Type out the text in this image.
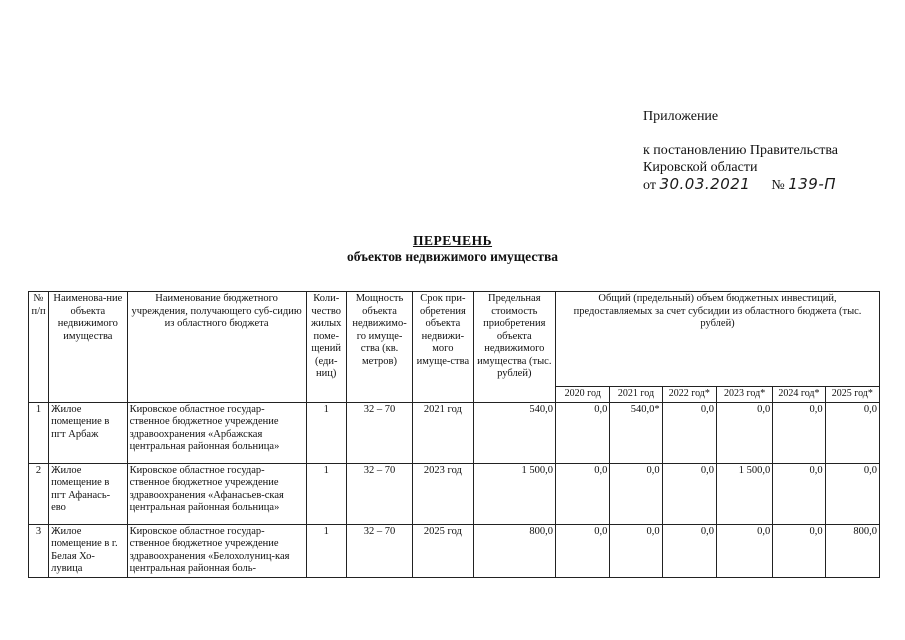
Приложение
к постановлению Правительства
Кировской области
от 30.03.2021 № 139-П
ПЕРЕЧЕНЬ
объектов недвижимого имущества
№ п/п	Наименова-ние объекта недвижимого имущества	Наименование бюджетного учреждения, получающего суб-сидию из областного бюджета	Коли-чество жилых поме-щений (еди-ниц)	Мощность объекта недвижимо-го имуще-ства (кв. метров)	Срок при-обретения объекта недвижи-мого имуще-ства	Предельная стоимость приобретения объекта недвижимого имущества (тыс. рублей)	Общий (предельный) объем бюджетных инвестиций, предоставляемых за счет субсидии из областного бюджета (тыс. рублей)					
							2020 год	2021 год	2022 год*	2023 год*	2024 год*	2025 год*
1	Жилое помещение в пгт Арбаж	Кировское областное государ-ственное бюджетное учреждение здравоохранения «Арбажская центральная районная больница»	1	32 – 70	2021 год	540,0	0,0	540,0*	0,0	0,0	0,0	0,0
2	Жилое помещение в пгт Афанась-ево	Кировское областное государ-ственное бюджетное учреждение здравоохранения «Афанасьев-ская центральная районная больница»	1	32 – 70	2023 год	1 500,0	0,0	0,0	0,0	1 500,0	0,0	0,0
3	Жилое помещение в г. Белая Хо-лувица	Кировское областное государ-ственное бюджетное учреждение здравоохранения «Белохолуниц-кая центральная районная боль-	1	32 – 70	2025 год	800,0	0,0	0,0	0,0	0,0	0,0	800,0
